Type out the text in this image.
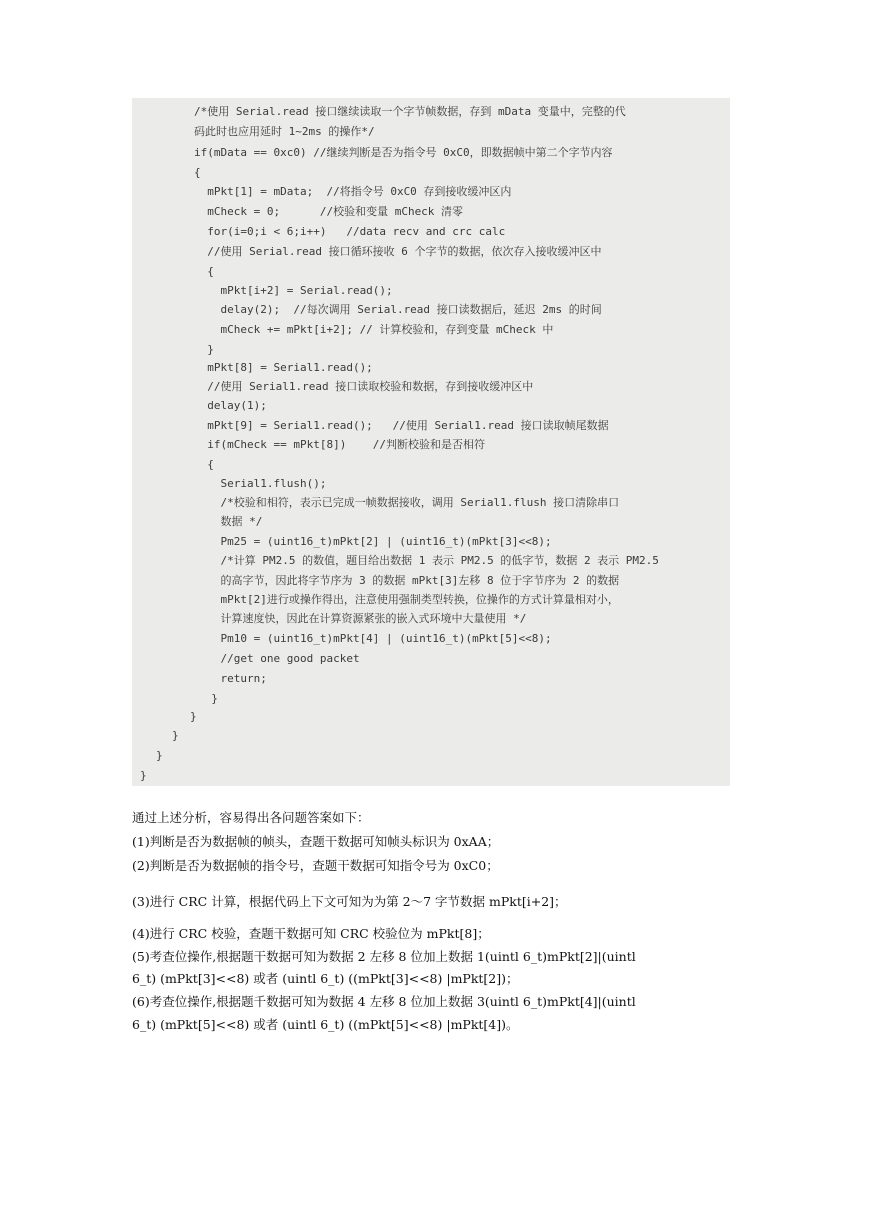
/*使用 Serial.read 接口继续读取一个字节帧数据，存到 mData 变量中，完整的代
码此时也应用延时 1~2ms 的操作*/
if(mData == 0xc0) //继续判断是否为指令号 0xC0，即数据帧中第二个字节内容
{
mPkt[1] = mData;  //将指令号 0xC0 存到接收缓冲区内
mCheck = 0;      //校验和变量 mCheck 清零
for(i=0;i < 6;i++)   //data recv and crc calc
//使用 Serial.read 接口循环接收 6 个字节的数据，依次存入接收缓冲区中
{
mPkt[i+2] = Serial.read();
delay(2);  //每次调用 Serial.read 接口读数据后，延迟 2ms 的时间
mCheck += mPkt[i+2]; // 计算校验和，存到变量 mCheck 中
}
mPkt[8] = Serial1.read();
//使用 Serial1.read 接口读取校验和数据，存到接收缓冲区中
delay(1);
mPkt[9] = Serial1.read();   //使用 Serial1.read 接口读取帧尾数据
if(mCheck == mPkt[8])    //判断校验和是否相符
{
Serial1.flush();
/*校验和相符，表示已完成一帧数据接收，调用 Serial1.flush 接口清除串口
数据 */
Pm25 = (uint16_t)mPkt[2] | (uint16_t)(mPkt[3]<<8);
/*计算 PM2.5 的数值，题目给出数据 1 表示 PM2.5 的低字节，数据 2 表示 PM2.5
的高字节，因此将字节序为 3 的数据 mPkt[3]左移 8 位于字节序为 2 的数据
mPkt[2]进行或操作得出，注意使用强制类型转换，位操作的方式计算量相对小，
计算速度快，因此在计算资源紧张的嵌入式环境中大量使用 */
Pm10 = (uint16_t)mPkt[4] | (uint16_t)(mPkt[5]<<8);
//get one good packet
return;
}
}
}
}
}
通过上述分析，容易得出各问题答案如下：
(1)判断是否为数据帧的帧头，查题干数据可知帧头标识为 0xAA；
(2)判断是否为数据帧的指令号，查题干数据可知指令号为 0xC0；
(3)进行 CRC 计算，根据代码上下文可知为为第 2～7 字节数据 mPkt[i+2]；
(4)进行 CRC 校验，查题干数据可知 CRC 校验位为 mPkt[8]；
(5)考查位操作,根据题干数据可知为数据 2 左移 8 位加上数据 1(uintl 6_t)mPkt[2]|(uintl
6_t) (mPkt[3]<<8) 或者 (uintl 6_t) ((mPkt[3]<<8) |mPkt[2])；
(6)考查位操作,根据题千数据可知为数据 4 左移 8 位加上数据 3(uintl 6_t)mPkt[4]|(uintl
6_t) (mPkt[5]<<8) 或者 (uintl 6_t) ((mPkt[5]<<8) |mPkt[4])。
